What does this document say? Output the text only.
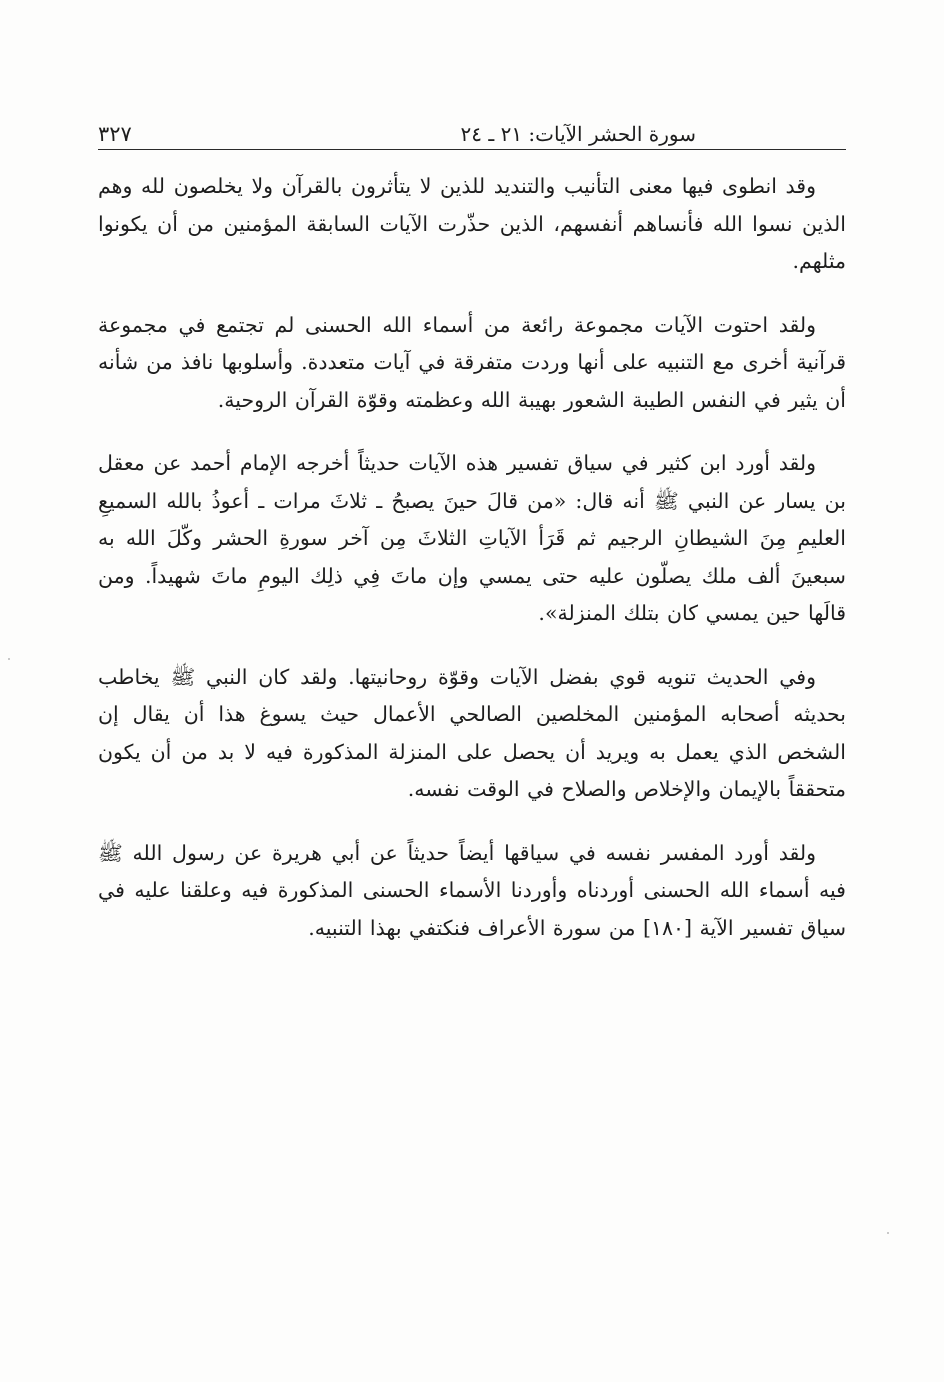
سورة الحشر الآيات: ٢١ ـ ٢٤
٣٢٧

وقد انطوى فيها معنى التأنيب والتنديد للذين لا يتأثرون بالقرآن ولا يخلصون لله وهم الذين نسوا الله فأنساهم أنفسهم، الذين حذّرت الآيات السابقة المؤمنين من أن يكونوا مثلهم.

ولقد احتوت الآيات مجموعة رائعة من أسماء الله الحسنى لم تجتمع في مجموعة قرآنية أخرى مع التنبيه على أنها وردت متفرقة في آيات متعددة. وأسلوبها نافذ من شأنه أن يثير في النفس الطيبة الشعور بهيبة الله وعظمته وقوّة القرآن الروحية.

ولقد أورد ابن كثير في سياق تفسير هذه الآيات حديثاً أخرجه الإمام أحمد عن معقل بن يسار عن النبي ﷺ أنه قال: «من قالَ حينَ يصبحُ ـ ثلاثَ مرات ـ أعوذُ بالله السميعِ العليمِ مِنَ الشيطانِ الرجيم ثم قَرَأ الآياتِ الثلاثَ مِن آخر سورةِ الحشر وكّلَ الله به سبعينَ ألف ملك يصلّون عليه حتى يمسي وإن ماتَ فِي ذلِك اليومِ ماتَ شهيداً. ومن قالَها حين يمسي كان بتلك المنزلة».

وفي الحديث تنويه قوي بفضل الآيات وقوّة روحانيتها. ولقد كان النبي ﷺ يخاطب بحديثه أصحابه المؤمنين المخلصين الصالحي الأعمال حيث يسوغ هذا أن يقال إن الشخص الذي يعمل به ويريد أن يحصل على المنزلة المذكورة فيه لا بد من أن يكون متحققاً بالإيمان والإخلاص والصلاح في الوقت نفسه.

ولقد أورد المفسر نفسه في سياقها أيضاً حديثاً عن أبي هريرة عن رسول الله ﷺ فيه أسماء الله الحسنى أوردناه وأوردنا الأسماء الحسنى المذكورة فيه وعلقنا عليه في سياق تفسير الآية [١٨٠] من سورة الأعراف فنكتفي بهذا التنبيه.
